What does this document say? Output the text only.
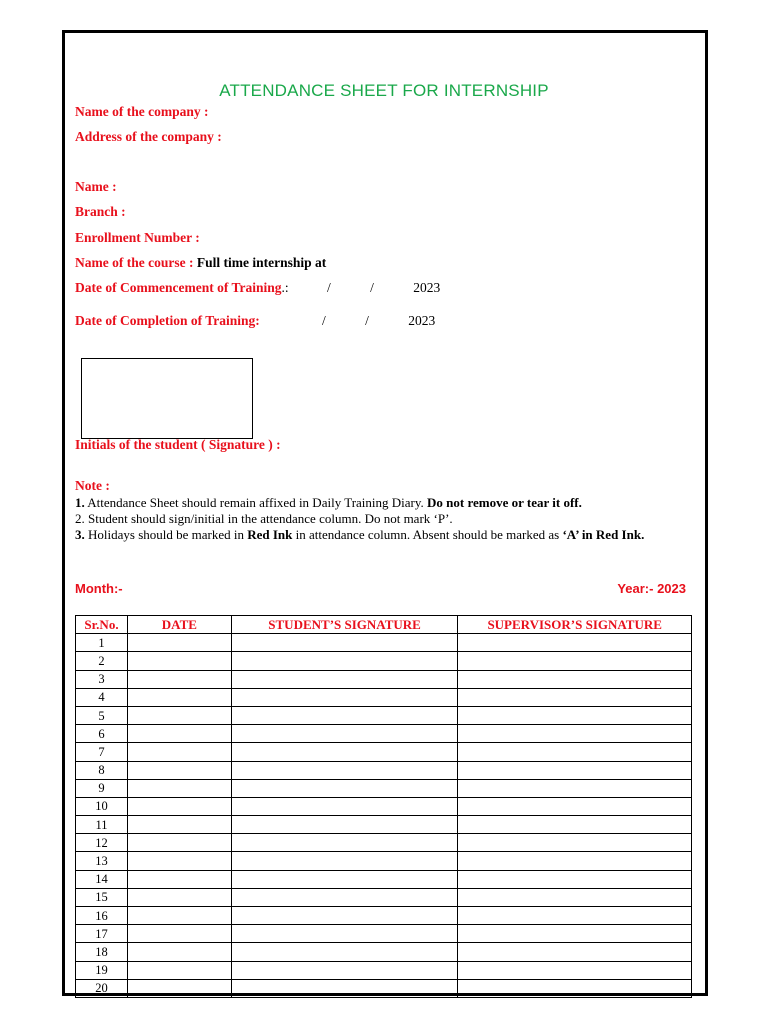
ATTENDANCE SHEET FOR INTERNSHIP
Name of the company :
Address of the company :
Name :
Branch :
Enrollment Number :
Name of the course : Full time internship at
Date of Commencement of Training.:	/ / 2023
Date of Completion of Training:	/ / 2023
Initials of the student ( Signature ) :
Note :
1. Attendance Sheet should remain affixed in Daily Training Diary. Do not remove or tear it off.
2. Student should sign/initial in the attendance column. Do not mark ‘P’.
3. Holidays should be marked in Red Ink in attendance column. Absent should be marked as ‘A’ in Red Ink.
Month:-	Year:- 2023
Sr.No.	DATE	STUDENT’S SIGNATURE	SUPERVISOR’S SIGNATURE
1			
2			
3			
4			
5			
6			
7			
8			
9			
10			
11			
12			
13			
14			
15			
16			
17			
18			
19			
20			
